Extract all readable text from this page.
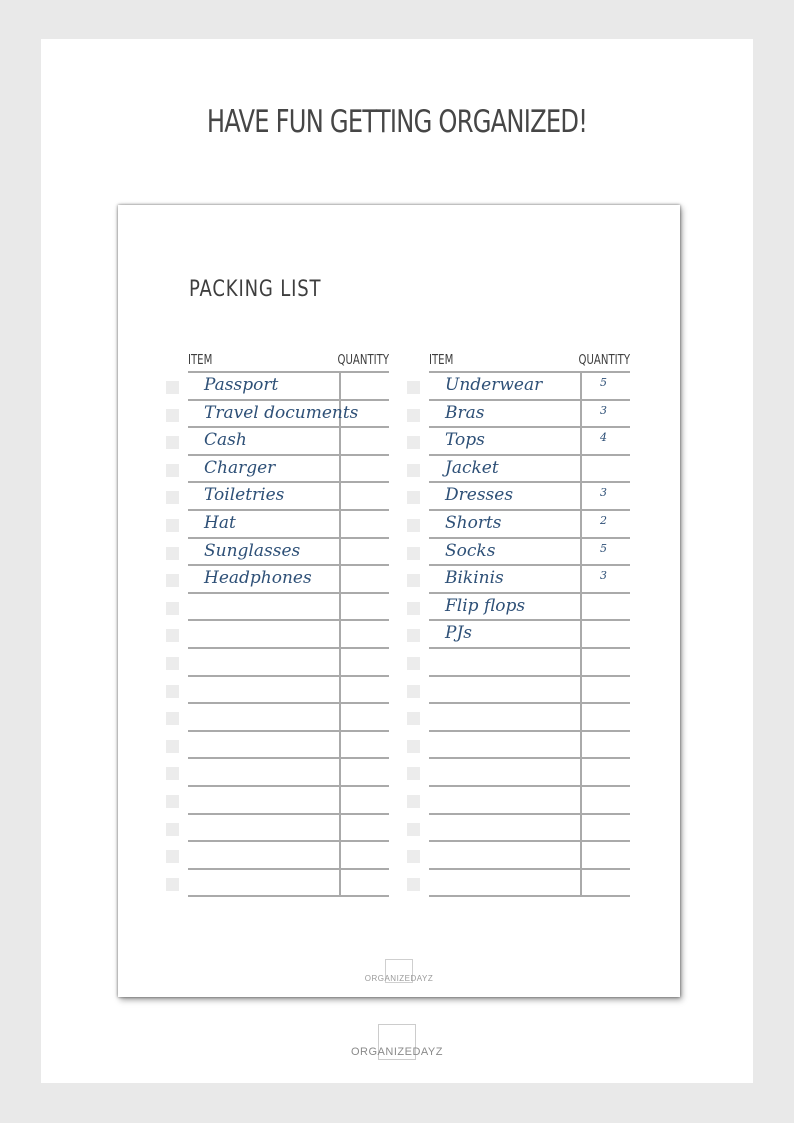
HAVE FUN GETTING ORGANIZED!
PACKING LIST
ITEM	QUANTITY
Passport
Travel documents
Cash
Charger
Toiletries
Hat
Sunglasses
Headphones
ITEM	QUANTITY
Underwear	5
Bras	3
Tops	4
Jacket
Dresses	3
Shorts	2
Socks	5
Bikinis	3
Flip flops
PJs
ORGANIZEDAYZ
ORGANIZEDAYZ
